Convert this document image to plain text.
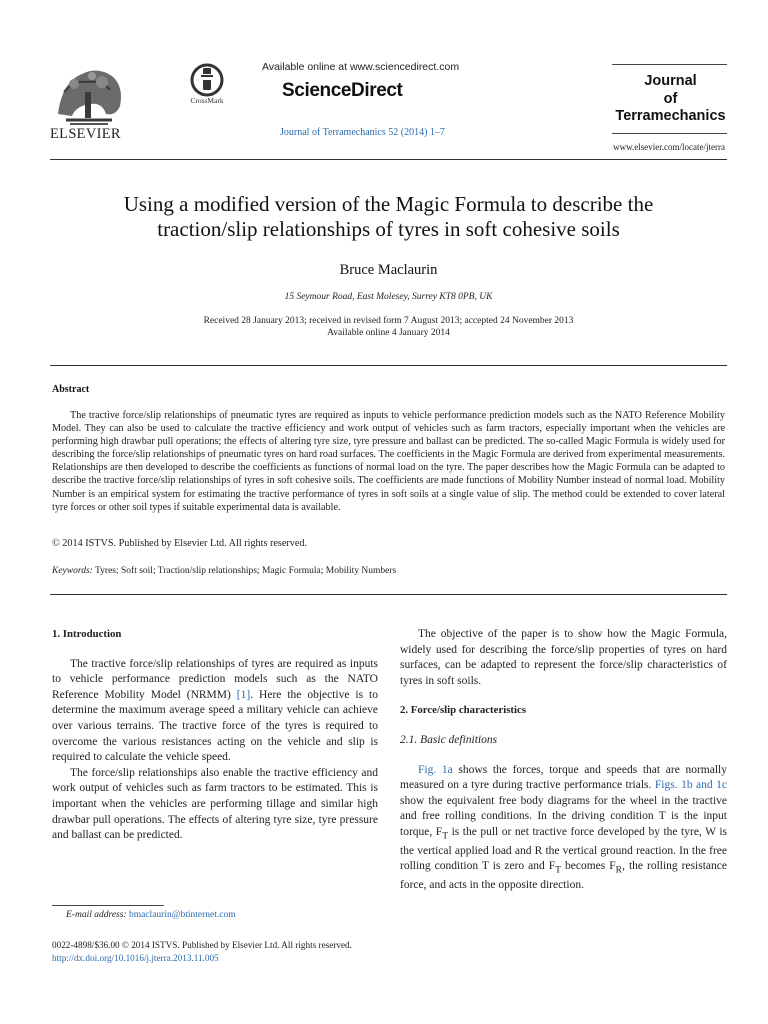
ELSEVIER
CrossMark
Available online at www.sciencedirect.com
ScienceDirect
Journal of Terramechanics 52 (2014) 1–7
Journal
of
Terramechanics
www.elsevier.com/locate/jterra
Using a modified version of the Magic Formula to describe the
traction/slip relationships of tyres in soft cohesive soils
Bruce Maclaurin
15 Seymour Road, East Molesey, Surrey KT8 0PB, UK
Received 28 January 2013; received in revised form 7 August 2013; accepted 24 November 2013
Available online 4 January 2014
Abstract
The tractive force/slip relationships of pneumatic tyres are required as inputs to vehicle performance prediction models such as the NATO Reference Mobility Model. They can also be used to calculate the tractive efficiency and work output of vehicles such as farm tractors, especially important when the vehicles are performing high drawbar pull operations; the effects of altering tyre size, tyre pressure and ballast can be predicted. The so-called Magic Formula is widely used for describing the force/slip relationships of pneumatic tyres on hard road surfaces. The coefficients in the Magic Formula are derived from experimental measurements. Relationships are then developed to describe the coefficients as functions of normal load on the tyre. The paper describes how the Magic Formula can be adapted to describe the tractive force/slip relationships of tyres in soft cohesive soils. The coefficients are made functions of Mobility Number instead of normal load. Mobility Number is an empirical system for estimating the tractive performance of tyres in soft soils at a single value of slip. The method could be extended to cover lateral tyre forces or other soil types if suitable experimental data is available.
© 2014 ISTVS. Published by Elsevier Ltd. All rights reserved.
Keywords: Tyres; Soft soil; Traction/slip relationships; Magic Formula; Mobility Numbers
1. Introduction
The tractive force/slip relationships of tyres are required as inputs to vehicle performance prediction models such as the NATO Reference Mobility Model (NRMM) [1]. Here the objective is to determine the maximum average speed a military vehicle can achieve over various terrains. The tractive force of the tyres is required to overcome the various resistances acting on the vehicle and slip is required to calculate the vehicle speed.
The force/slip relationships also enable the tractive efficiency and work output of vehicles such as farm tractors to be estimated. This is important when the vehicles are performing tillage and similar high drawbar pull operations. The effects of altering tyre size, tyre pressure and ballast can be predicted.
The objective of the paper is to show how the Magic Formula, widely used for describing the force/slip properties of tyres on hard surfaces, can be adapted to represent the force/slip characteristics of tyres in soft soils.
2. Force/slip characteristics
2.1. Basic definitions
Fig. 1a shows the forces, torque and speeds that are normally measured on a tyre during tractive performance trials. Figs. 1b and 1c show the equivalent free body diagrams for the wheel in the tractive and free rolling conditions. In the driving condition T is the input torque, $F_T$ is the pull or net tractive force developed by the tyre, W is the vertical applied load and R the vertical ground reaction. In the free rolling condition T is zero and $F_T$ becomes $F_R$, the rolling resistance force, and acts in the opposite direction.
E-mail address: bmaclaurin@btinternet.com
0022-4898/$36.00 © 2014 ISTVS. Published by Elsevier Ltd. All rights reserved.
http://dx.doi.org/10.1016/j.jterra.2013.11.005
